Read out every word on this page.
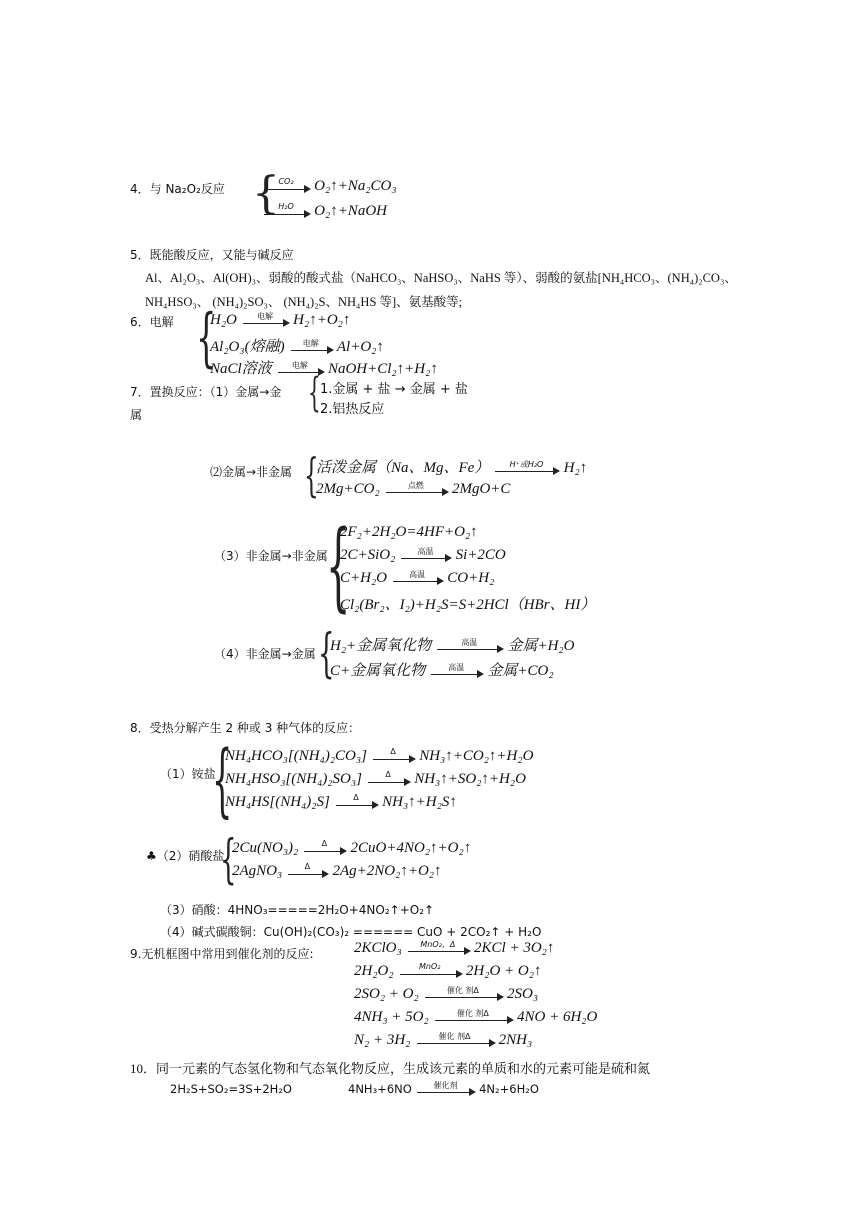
4．与 Na₂O₂反应 {
CO₂	O₂↑+Na₂CO₃
H₂O	O₂↑+NaOH
5．既能酸反应，又能与碱反应
Al、Al₂O₃、Al(OH)₃、弱酸的酸式盐（NaHCO₃、NaHSO₃、NaHS 等）、弱酸的氨盐[NH₄HCO₃、(NH₄)₂CO₃、
NH₄HSO₃、 (NH₄)₂SO₃、 (NH₄)₂S、NH₄HS 等]、氨基酸等;
6．电解 {
H₂O	电解	H₂↑+O₂↑
Al₂O₃(熔融)	电解	Al+O₂↑
NaCl溶液	电解	NaOH+Cl₂↑+H₂↑
7．置换反应：（1）金属→金
属	{ 1.金属 + 盐 → 金属 + 盐
2.铝热反应
⑵金属→非金属 {
活泼金属（Na、Mg、Fe）	H⁺或H₂O	H₂↑
2Mg+CO₂	点燃	2MgO+C
（3）非金属→非金属
{
2F₂+2H₂O=4HF+O₂↑
2C+SiO₂	高温	Si+2CO
C+H₂O	高温	CO+H₂
Cl₂(Br₂、I₂)+H₂S=S+2HCl（HBr、HI）
（4）非金属→金属 {
H₂+金属氧化物	高温	金属+H₂O
C+金属氧化物	高温	金属+CO₂
8．受热分解产生 2 种或 3 种气体的反应：
（1）铵盐
{
NH₄HCO₃[(NH₄)₂CO₃]	Δ	NH₃↑+CO₂↑+H₂O
NH₄HSO₃[(NH₄)₂SO₃]	Δ	NH₃↑+SO₂↑+H₂O
NH₄HS[(NH₄)₂S]	Δ	NH₃↑+H₂S↑
♣（2）硝酸盐
{
2Cu(NO₃)₂	Δ	2CuO+4NO₂↑+O₂↑
2AgNO₃	Δ	2Ag+2NO₂↑+O₂↑
（3）硝酸：4HNO₃=====2H₂O+4NO₂↑+O₂↑
（4）碱式碳酸铜：Cu(OH)₂(CO₃)₂ ====== CuO + 2CO₂↑ + H₂O
9.无机框图中常用到催化剂的反应:	2KClO₃	MnO₂，Δ	2KCl + 3O₂↑
2H₂O₂	MnO₂	2H₂O + O₂↑
2SO₂ + O₂	催化 剂Δ	2SO₃
4NH₃ + 5O₂	催化 剂Δ	4NO + 6H₂O
N₂ + 3H₂	催化 剂Δ	2NH₃
10．同一元素的气态氢化物和气态氧化物反应，生成该元素的单质和水的元素可能是硫和氮
2H₂S+SO₂=3S+2H₂O	4NH₃+6NO	催化剂	4N₂+6H₂O
